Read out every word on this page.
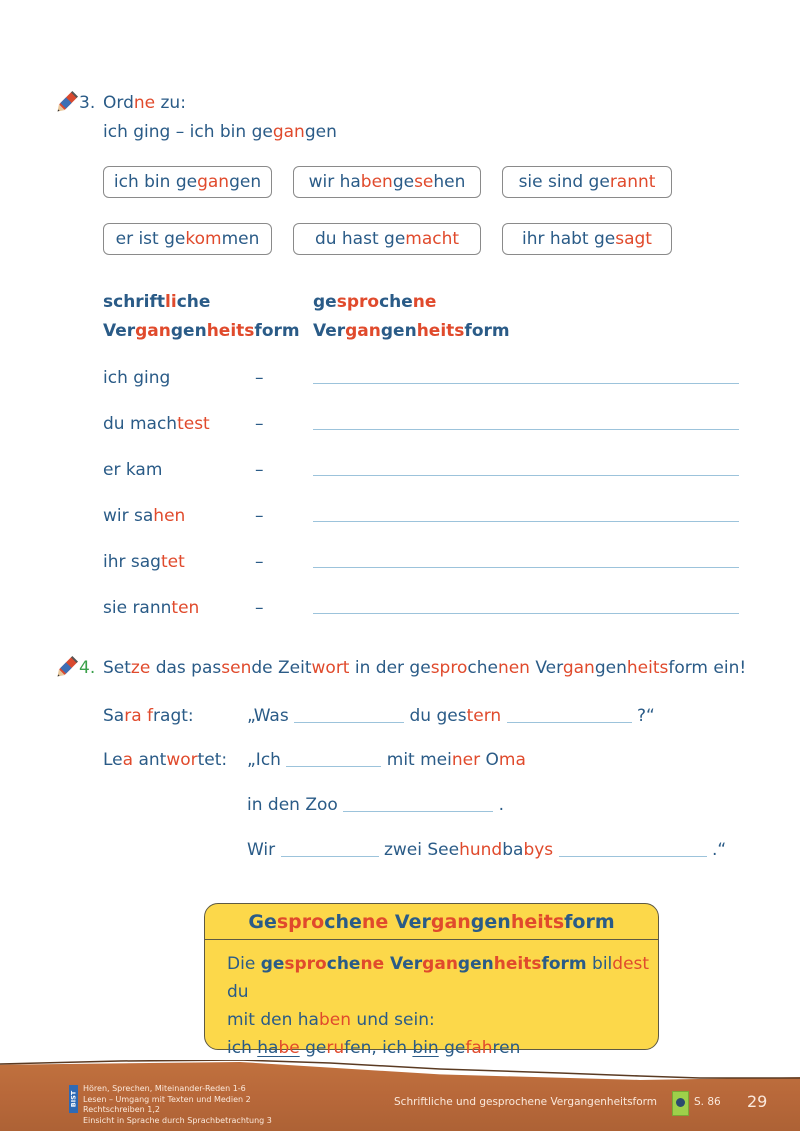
3. Ordne zu:
ich ging – ich bin gegangen
ich bin ge gan gen	wir ha ben ge se hen	sie sind ge rannt
er ist ge kom men	du hast ge macht	ihr habt ge sagt
schriftliche
Vergangenheitsform
gesprochene
Vergangenheitsform
ich ging	–
du machtest	–
er kam	–
wir sahen	–
ihr sagtet	–
sie rannten	–
4. Setze das passende Zeitwort in der gesprochenen Vergangenheitsform ein!
Sara fragt:	„Was	du gestern	?“
Lea antwortet: „Ich	mit meiner Oma
in den Zoo	.
Wir	zwei Seehundbabys	.“
Gesprochene Vergangenheitsform
Die gesprochene Vergangenheitsform bildest du
mit den haben und sein:
ich habe gerufen, ich bin gefahren
BIST
Hören, Sprechen, Miteinander-Reden 1-6
Lesen – Umgang mit Texten und Medien 2
Rechtschreiben 1,2
Einsicht in Sprache durch Sprachbetrachtung 3
Schriftliche und gesprochene Vergangenheitsform	S. 86 29
